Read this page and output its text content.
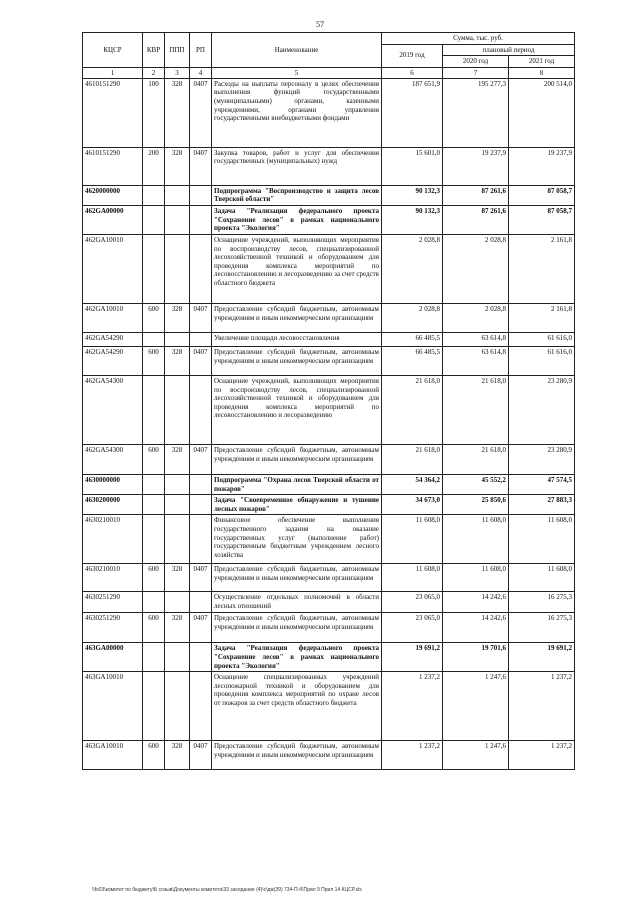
57
КЦСР	КВР	ППП	РП	Наименование	Сумма, тыс. руб.		
					2019 год	плановый период	
						2020 год	2021 год
1	2	3	4	5	6	7	8
4610151290	100	328	0407	Расходы на выплаты персоналу в целях обеспечения выполнения функций государственными (муниципальными) органами, казенными учреждениями, органами управления государственными внебюджетными фондами	187 651,9	195 277,3	200 514,0
4610151290	200	328	0407	Закупка товаров, работ и услуг для обеспечения государственных (муниципальных) нужд	15 601,0	19 237,9	19 237,9
4620000000				Подпрограмма "Воспроизводство и защита лесов Тверской области"	90 132,3	87 261,6	87 058,7
462GA00000				Задача "Реализация федерального проекта "Сохранение лесов" в рамках национального проекта "Экология"	90 132,3	87 261,6	87 058,7
462GA10010				Оснащение учреждений, выполняющих мероприятия по воспроизводству лесов, специализированной лесохозяйственной техникой и оборудованием для проведения комплекса мероприятий по лесовосстановлению и лесоразведению за счет средств областного бюджета	2 028,8	2 028,8	2 161,8
462GA10010	600	328	0407	Предоставление субсидий бюджетным, автономным учреждениям и иным некоммерческим организациям	2 028,8	2 028,8	2 161,8
462GA54290				Увеличение площади лесовосстановления	66 485,5	63 614,8	61 616,0
462GA54290	600	328	0407	Предоставление субсидий бюджетным, автономным учреждениям и иным некоммерческим организациям	66 485,5	63 614,8	61 616,0
462GA54300				Оснащение учреждений, выполняющих мероприятия по воспроизводству лесов, специализированной лесохозяйственной техникой и оборудованием для проведения комплекса мероприятий по лесовосстановлению и лесоразведению	21 618,0	21 618,0	23 280,9
462GA54300	600	328	0407	Предоставление субсидий бюджетным, автономным учреждениям и иным некоммерческим организациям	21 618,0	21 618,0	23 280,9
4630000000				Подпрограмма "Охрана лесов Тверской области от пожаров"	54 364,2	45 552,2	47 574,5
4630200000				Задача "Своевременное обнаружение и тушение лесных пожаров"	34 673,0	25 850,6	27 883,3
4630210010				Финансовое обеспечение выполнения государственного задания на оказание государственных услуг (выполнение работ) государственным бюджетным учреждением лесного хозяйства	11 608,0	11 608,0	11 608,0
4630210010	600	328	0407	Предоставление субсидий бюджетным, автономным учреждениям и иным некоммерческим организациям	11 608,0	11 608,0	11 608,0
4630251290				Осуществление отдельных полномочий в области лесных отношений	23 065,0	14 242,6	16 275,3
4630251290	600	328	0407	Предоставление субсидий бюджетным, автономным учреждениям и иным некоммерческим организациям	23 065,0	14 242,6	16 275,3
463GA00000				Задача "Реализация федерального проекта "Сохранение лесов" в рамках национального проекта "Экология"	19 691,2	19 701,6	19 691,2
463GA10010				Оснащение специализированных учреждений лесопожарной техникой и оборудованием для проведения комплекса мероприятий по охране лесов от пожаров за счет средств областного бюджета	1 237,2	1 247,6	1 237,2
463GA10010	600	328	0407	Предоставление субсидий бюджетным, автономным учреждениям и иным некоммерческим организациям	1 237,2	1 247,6	1 237,2
\\fs03\комитет по бюджету\Б созыв\Документы комитета\33 заседание (4)\с\дж(39) 734-П-б\Прил 9 Прил 14 КЦСР.xls
